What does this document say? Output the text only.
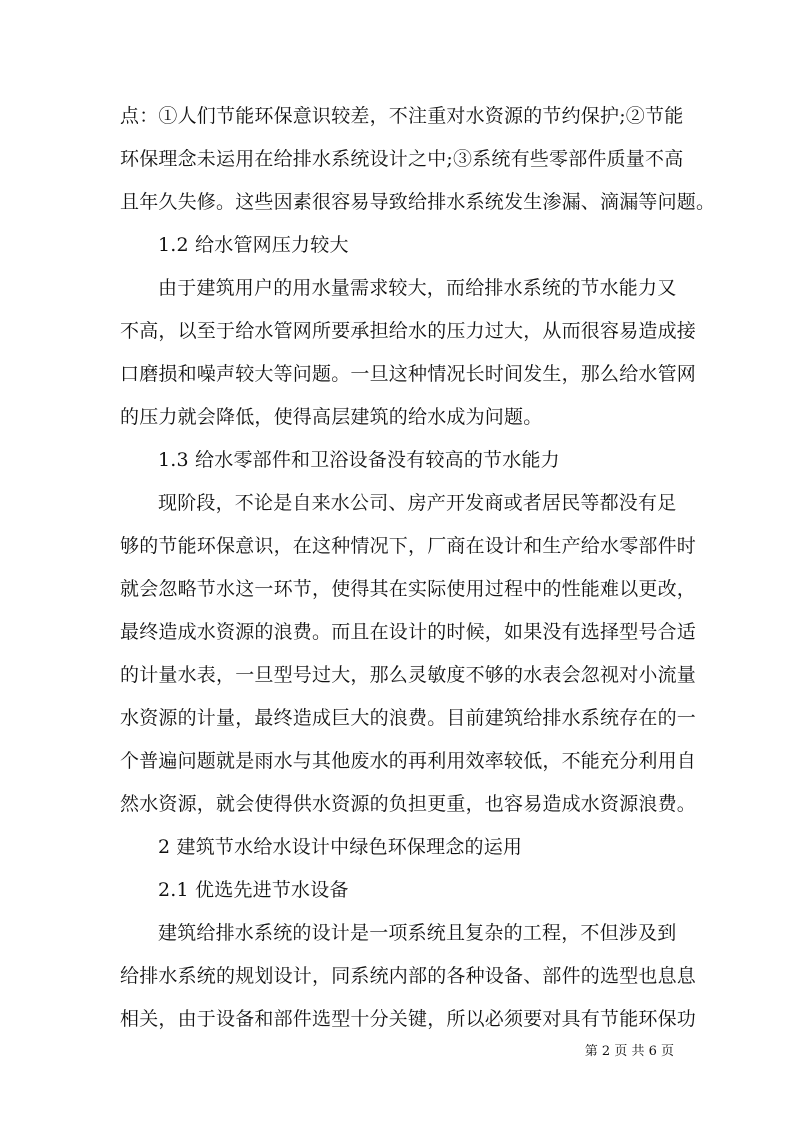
点：①人们节能环保意识较差，不注重对水资源的节约保护;②节能
环保理念未运用在给排水系统设计之中;③系统有些零部件质量不高
且年久失修。这些因素很容易导致给排水系统发生渗漏、滴漏等问题。
1.2 给水管网压力较大
由于建筑用户的用水量需求较大，而给排水系统的节水能力又
不高，以至于给水管网所要承担给水的压力过大，从而很容易造成接
口磨损和噪声较大等问题。一旦这种情况长时间发生，那么给水管网
的压力就会降低，使得高层建筑的给水成为问题。
1.3 给水零部件和卫浴设备没有较高的节水能力
现阶段，不论是自来水公司、房产开发商或者居民等都没有足
够的节能环保意识，在这种情况下，厂商在设计和生产给水零部件时
就会忽略节水这一环节，使得其在实际使用过程中的性能难以更改，
最终造成水资源的浪费。而且在设计的时候，如果没有选择型号合适
的计量水表，一旦型号过大，那么灵敏度不够的水表会忽视对小流量
水资源的计量，最终造成巨大的浪费。目前建筑给排水系统存在的一
个普遍问题就是雨水与其他废水的再利用效率较低，不能充分利用自
然水资源，就会使得供水资源的负担更重，也容易造成水资源浪费。
2 建筑节水给水设计中绿色环保理念的运用
2.1 优选先进节水设备
建筑给排水系统的设计是一项系统且复杂的工程，不但涉及到
给排水系统的规划设计，同系统内部的各种设备、部件的选型也息息
相关，由于设备和部件选型十分关键，所以必须要对具有节能环保功
第 2 页 共 6 页
